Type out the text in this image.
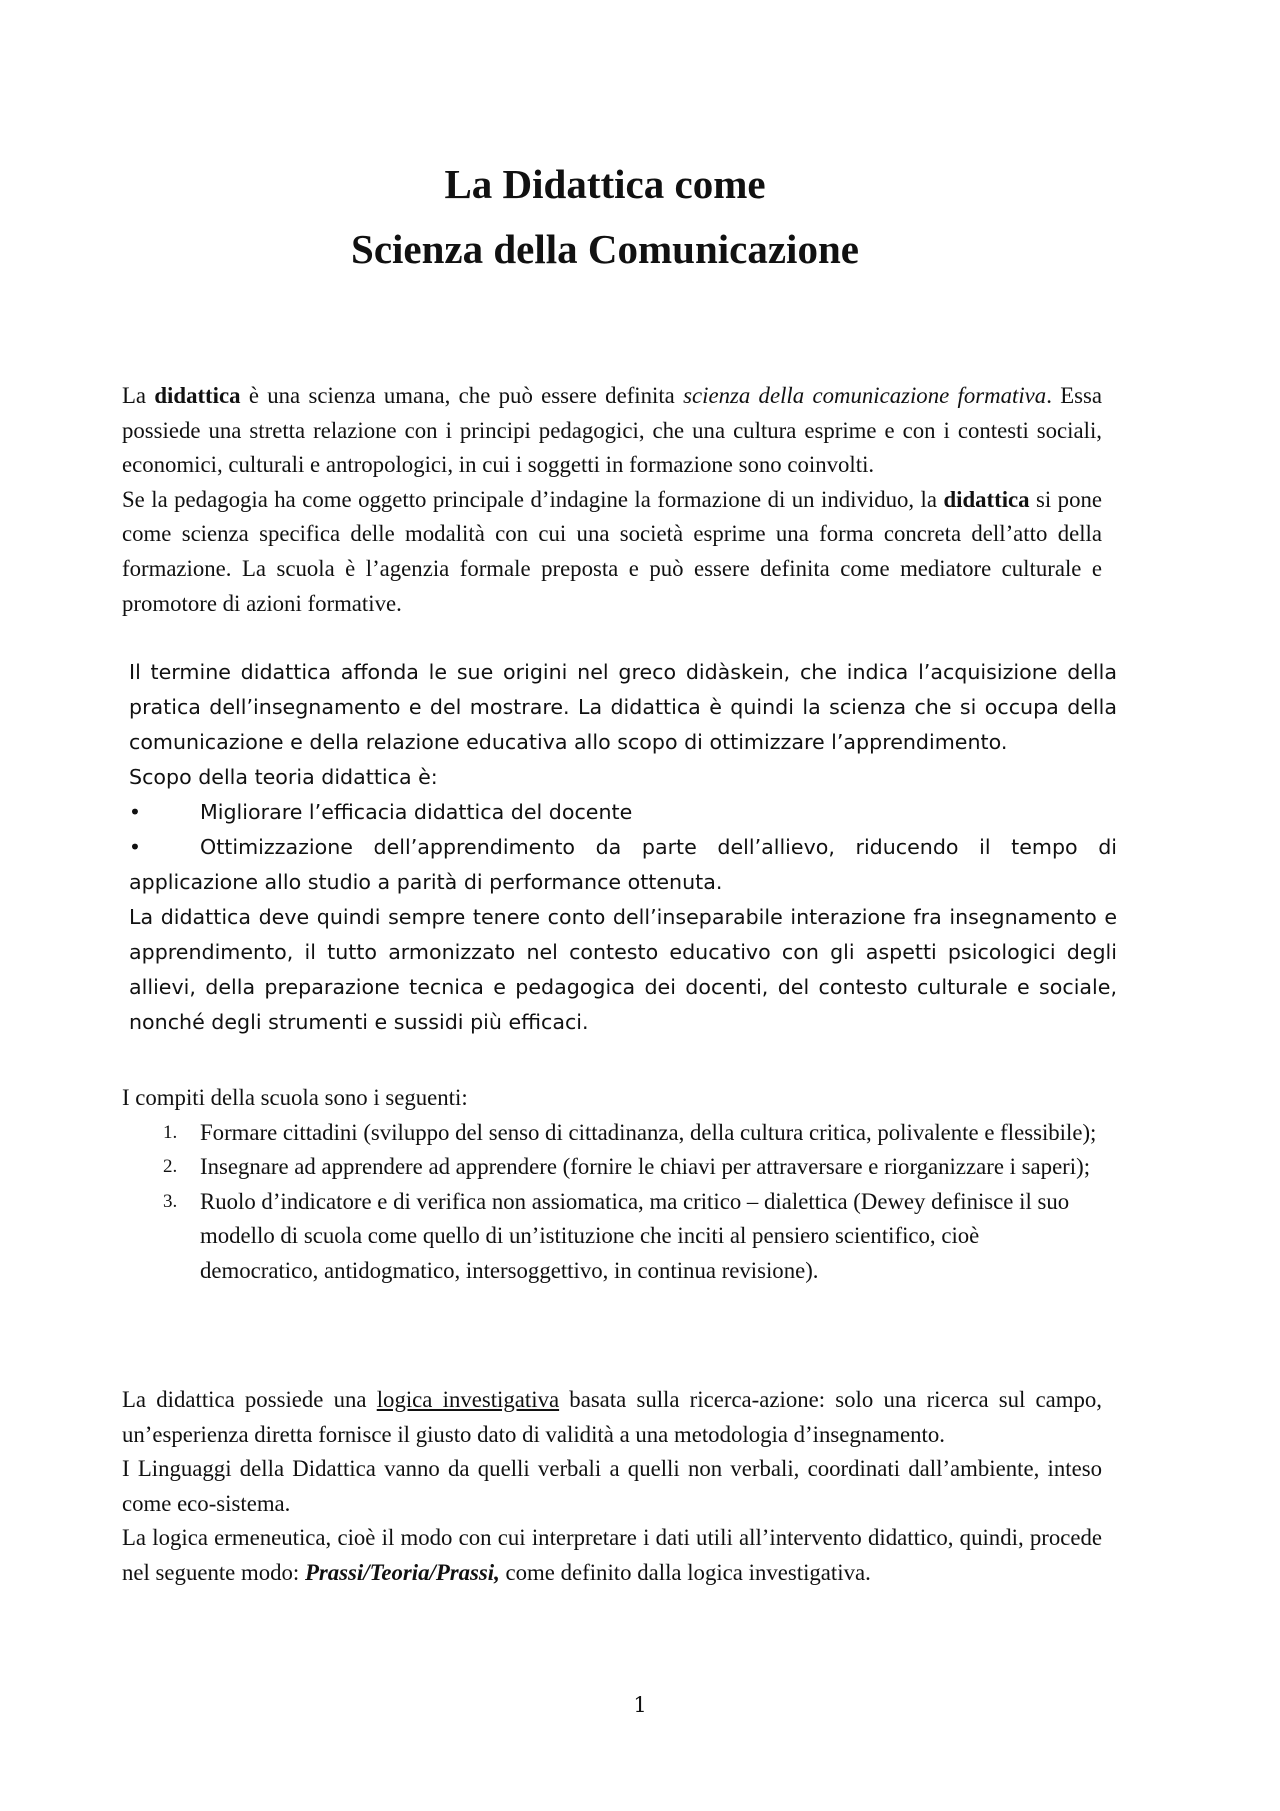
La Didattica come
Scienza della Comunicazione

La didattica è una scienza umana, che può essere definita scienza della comunicazione formativa. Essa possiede una stretta relazione con i principi pedagogici, che una cultura esprime e con i contesti sociali, economici, culturali e antropologici, in cui i soggetti in formazione sono coinvolti.

Se la pedagogia ha come oggetto principale d’indagine la formazione di un individuo, la didattica si pone come scienza specifica delle modalità con cui una società esprime una forma concreta dell’atto della formazione. La scuola è l’agenzia formale preposta e può essere definita come mediatore culturale e promotore di azioni formative.

Il termine didattica affonda le sue origini nel greco didàskein, che indica l’acquisizione della pratica dell’insegnamento e del mostrare. La didattica è quindi la scienza che si occupa della comunicazione e della relazione educativa allo scopo di ottimizzare l’apprendimento.

Scopo della teoria didattica è:

•	Migliorare l’efficacia didattica del docente
•	Ottimizzazione dell’apprendimento da parte dell’allievo, riducendo il tempo di applicazione allo studio a parità di performance ottenuta.

La didattica deve quindi sempre tenere conto dell’inseparabile interazione fra insegnamento e apprendimento, il tutto armonizzato nel contesto educativo con gli aspetti psicologici degli allievi, della preparazione tecnica e pedagogica dei docenti, del contesto culturale e sociale, nonché degli strumenti e sussidi più efficaci.

I compiti della scuola sono i seguenti:

1. Formare cittadini (sviluppo del senso di cittadinanza, della cultura critica, polivalente e flessibile);
2. Insegnare ad apprendere ad apprendere (fornire le chiavi per attraversare e riorganizzare i saperi);
3. Ruolo d’indicatore e di verifica non assiomatica, ma critico – dialettica (Dewey definisce il suo modello di scuola come quello di un’istituzione che inciti al pensiero scientifico, cioè democratico, antidogmatico, intersoggettivo, in continua revisione).

La didattica possiede una logica investigativa basata sulla ricerca-azione: solo una ricerca sul campo, un’esperienza diretta fornisce il giusto dato di validità a una metodologia d’insegnamento.

I Linguaggi della Didattica vanno da quelli verbali a quelli non verbali, coordinati dall’ambiente, inteso come eco-sistema.

La logica ermeneutica, cioè il modo con cui interpretare i dati utili all’intervento didattico, quindi, procede nel seguente modo: Prassi/Teoria/Prassi, come definito dalla logica investigativa.

1
